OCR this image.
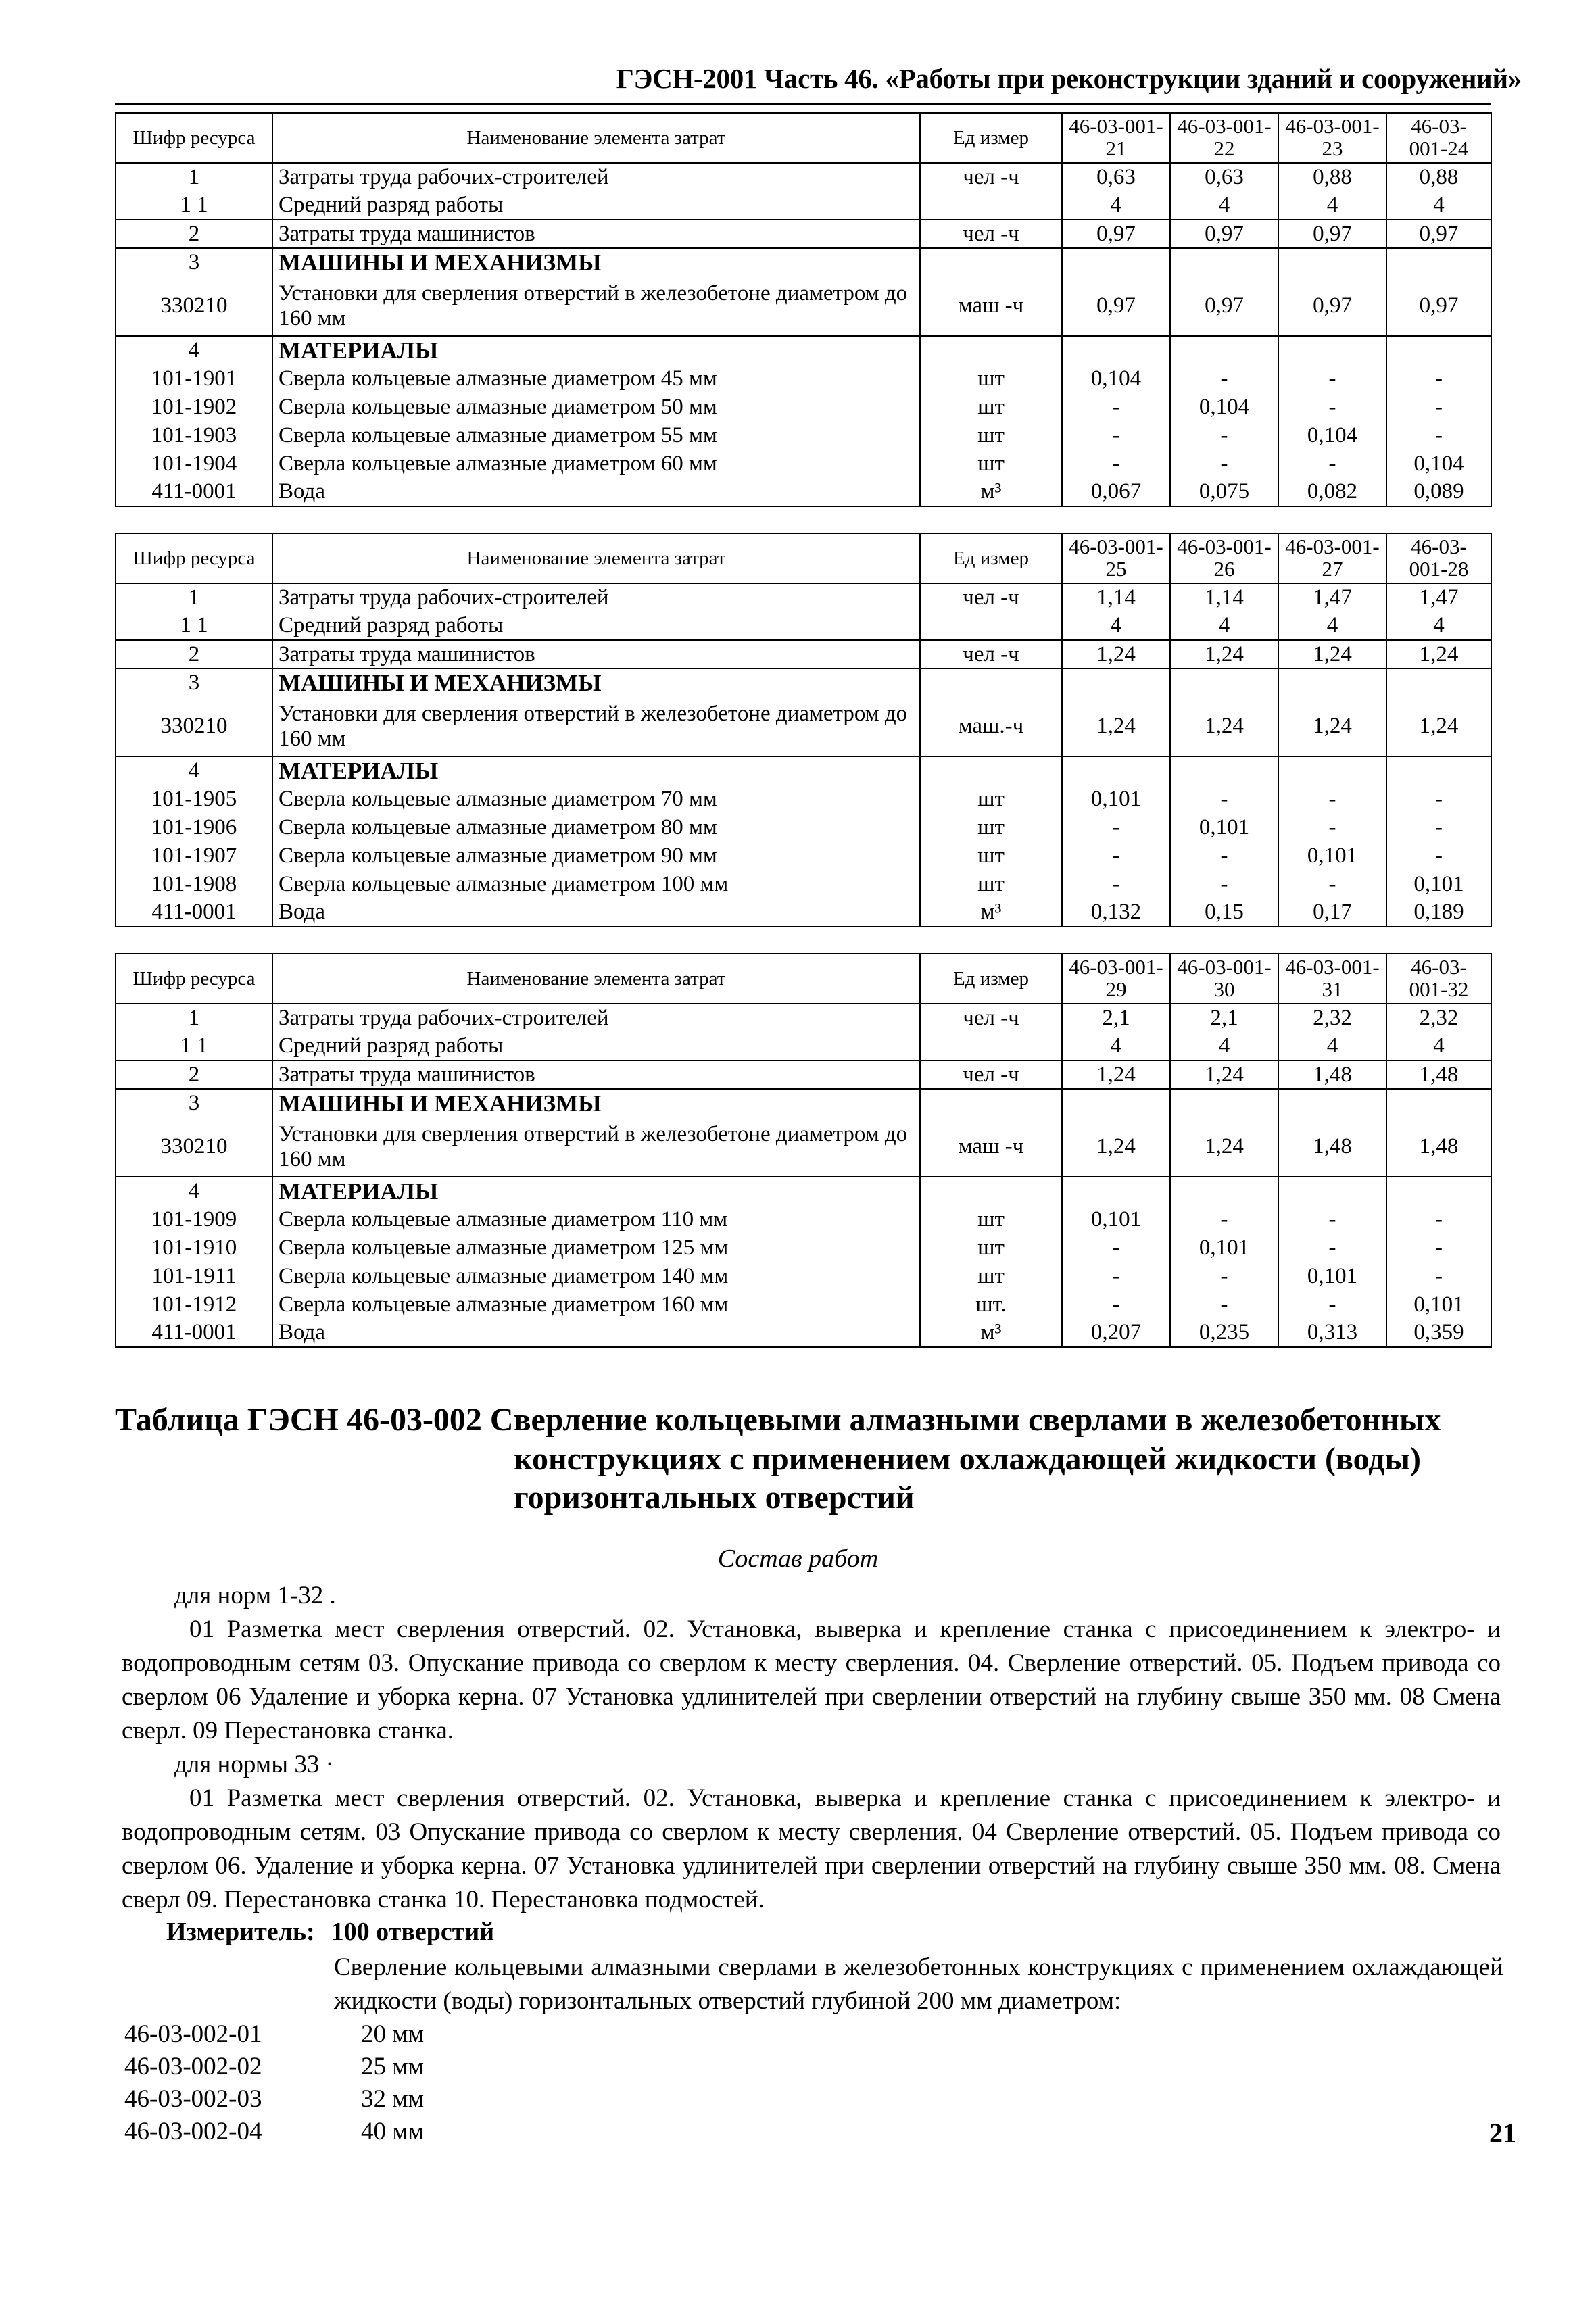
ГЭСН-2001 Часть 46. «Работы при реконструкции зданий и сооружений»
Шифр ресурса	Наименование элемента затрат	Ед измер	46-03-001-21	46-03-001-22	46-03-001-23	46-03-001-24
1	Затраты труда рабочих-строителей	чел -ч	0,63	0,63	0,88	0,88
1 1	Средний разряд работы		4	4	4	4
2	Затраты труда машинистов	чел -ч	0,97	0,97	0,97	0,97
3	МАШИНЫ И МЕХАНИЗМЫ					
330210	Установки для сверления отверстий в железобетоне диаметром до 160 мм	маш -ч	0,97	0,97	0,97	0,97
4	МАТЕРИАЛЫ					
101-1901	Сверла кольцевые алмазные диаметром 45 мм	шт	0,104	-	-	-
101-1902	Сверла кольцевые алмазные диаметром 50 мм	шт	-	0,104	-	-
101-1903	Сверла кольцевые алмазные диаметром 55 мм	шт	-	-	0,104	-
101-1904	Сверла кольцевые алмазные диаметром 60 мм	шт	-	-	-	0,104
411-0001	Вода	м³	0,067	0,075	0,082	0,089
Шифр ресурса	Наименование элемента затрат	Ед измер	46-03-001-25	46-03-001-26	46-03-001-27	46-03-001-28
1	Затраты труда рабочих-строителей	чел -ч	1,14	1,14	1,47	1,47
1 1	Средний разряд работы		4	4	4	4
2	Затраты труда машинистов	чел -ч	1,24	1,24	1,24	1,24
3	МАШИНЫ И МЕХАНИЗМЫ					
330210	Установки для сверления отверстий в железобетоне диаметром до 160 мм	маш.-ч	1,24	1,24	1,24	1,24
4	МАТЕРИАЛЫ					
101-1905	Сверла кольцевые алмазные диаметром 70 мм	шт	0,101	-	-	-
101-1906	Сверла кольцевые алмазные диаметром 80 мм	шт	-	0,101	-	-
101-1907	Сверла кольцевые алмазные диаметром 90 мм	шт	-	-	0,101	-
101-1908	Сверла кольцевые алмазные диаметром 100 мм	шт	-	-	-	0,101
411-0001	Вода	м³	0,132	0,15	0,17	0,189
Шифр ресурса	Наименование элемента затрат	Ед измер	46-03-001-29	46-03-001-30	46-03-001-31	46-03-001-32
1	Затраты труда рабочих-строителей	чел -ч	2,1	2,1	2,32	2,32
1 1	Средний разряд работы		4	4	4	4
2	Затраты труда машинистов	чел -ч	1,24	1,24	1,48	1,48
3	МАШИНЫ И МЕХАНИЗМЫ					
330210	Установки для сверления отверстий в железобетоне диаметром до 160 мм	маш -ч	1,24	1,24	1,48	1,48
4	МАТЕРИАЛЫ					
101-1909	Сверла кольцевые алмазные диаметром 110 мм	шт	0,101	-	-	-
101-1910	Сверла кольцевые алмазные диаметром 125 мм	шт	-	0,101	-	-
101-1911	Сверла кольцевые алмазные диаметром 140 мм	шт	-	-	0,101	-
101-1912	Сверла кольцевые алмазные диаметром 160 мм	шт.	-	-	-	0,101
411-0001	Вода	м³	0,207	0,235	0,313	0,359
Таблица ГЭСН 46-03-002 Сверление кольцевыми алмазными сверлами в железобетонных
конструкциях с применением охлаждающей жидкости (воды)
горизонтальных отверстий
Состав работ
для норм 1-32 .
01 Разметка мест сверления отверстий. 02. Установка, выверка и крепление станка с присоединением к электро- и водопроводным сетям 03. Опускание привода со сверлом к месту сверления. 04. Сверление отверстий. 05. Подъем привода со сверлом 06 Удаление и уборка керна. 07 Установка удлинителей при сверлении отверстий на глубину свыше 350 мм. 08 Смена сверл. 09 Перестановка станка.
для нормы 33 ·
01 Разметка мест сверления отверстий. 02. Установка, выверка и крепление станка с присоединением к электро- и водопроводным сетям. 03 Опускание привода со сверлом к месту сверления. 04 Сверление отверстий. 05. Подъем привода со сверлом 06. Удаление и уборка керна. 07 Установка удлинителей при сверлении отверстий на глубину свыше 350 мм. 08. Смена сверл 09. Перестановка станка 10. Перестановка подмостей.
Измеритель: 100 отверстий
Сверление кольцевыми алмазными сверлами в железобетонных конструкциях с применением охлаждающей жидкости (воды) горизонтальных отверстий глубиной 200 мм диаметром:
46-03-002-01	20 мм
46-03-002-02	25 мм
46-03-002-03	32 мм
46-03-002-04	40 мм	21
